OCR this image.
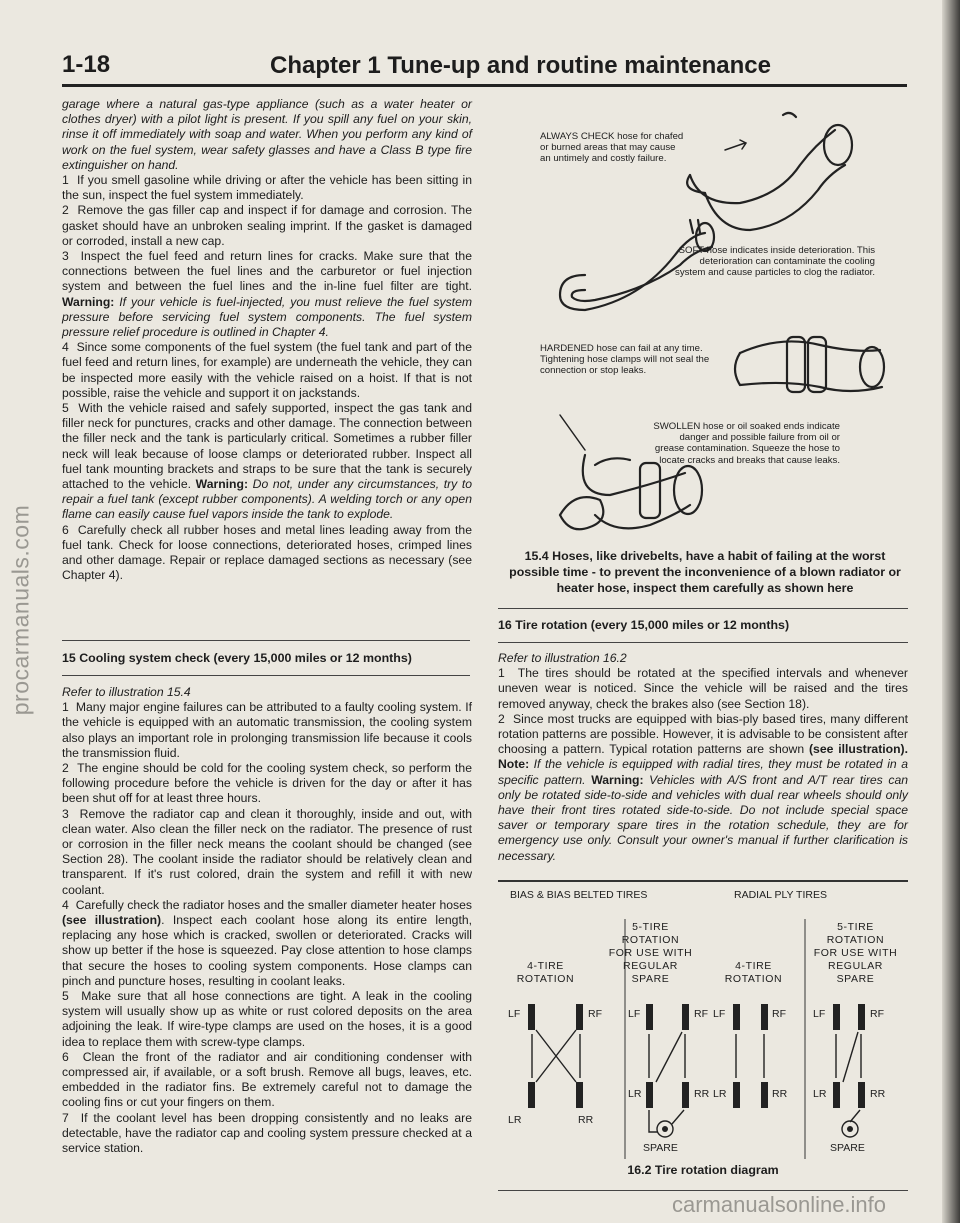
procarmanuals.com
1-18	Chapter 1 Tune-up and routine maintenance

garage where a natural gas-type appliance (such as a water heater or clothes dryer) with a pilot light is present. If you spill any fuel on your skin, rinse it off immediately with soap and water. When you perform any kind of work on the fuel system, wear safety glasses and have a Class B type fire extinguisher on hand.

1 If you smell gasoline while driving or after the vehicle has been sitting in the sun, inspect the fuel system immediately.

2 Remove the gas filler cap and inspect if for damage and corrosion. The gasket should have an unbroken sealing imprint. If the gasket is damaged or corroded, install a new cap.

3 Inspect the fuel feed and return lines for cracks. Make sure that the connections between the fuel lines and the carburetor or fuel injection system and between the fuel lines and the in-line fuel filter are tight. Warning: If your vehicle is fuel-injected, you must relieve the fuel system pressure before servicing fuel system components. The fuel system pressure relief procedure is outlined in Chapter 4.

4 Since some components of the fuel system (the fuel tank and part of the fuel feed and return lines, for example) are underneath the vehicle, they can be inspected more easily with the vehicle raised on a hoist. If that is not possible, raise the vehicle and support it on jackstands.

5 With the vehicle raised and safely supported, inspect the gas tank and filler neck for punctures, cracks and other damage. The connection between the filler neck and the tank is particularly critical. Sometimes a rubber filler neck will leak because of loose clamps or deteriorated rubber. Inspect all fuel tank mounting brackets and straps to be sure that the tank is securely attached to the vehicle. Warning: Do not, under any circumstances, try to repair a fuel tank (except rubber components). A welding torch or any open flame can easily cause fuel vapors inside the tank to explode.

6 Carefully check all rubber hoses and metal lines leading away from the fuel tank. Check for loose connections, deteriorated hoses, crimped lines and other damage. Repair or replace damaged sections as necessary (see Chapter 4).

15 Cooling system check (every 15,000 miles or 12 months)

Refer to illustration 15.4

1 Many major engine failures can be attributed to a faulty cooling system. If the vehicle is equipped with an automatic transmission, the cooling system also plays an important role in prolonging transmission life because it cools the transmission fluid.

2 The engine should be cold for the cooling system check, so perform the following procedure before the vehicle is driven for the day or after it has been shut off for at least three hours.

3 Remove the radiator cap and clean it thoroughly, inside and out, with clean water. Also clean the filler neck on the radiator. The presence of rust or corrosion in the filler neck means the coolant should be changed (see Section 28). The coolant inside the radiator should be relatively clean and transparent. If it's rust colored, drain the system and refill it with new coolant.

4 Carefully check the radiator hoses and the smaller diameter heater hoses (see illustration). Inspect each coolant hose along its entire length, replacing any hose which is cracked, swollen or deteriorated. Cracks will show up better if the hose is squeezed. Pay close attention to hose clamps that secure the hoses to cooling system components. Hose clamps can pinch and puncture hoses, resulting in coolant leaks.

5 Make sure that all hose connections are tight. A leak in the cooling system will usually show up as white or rust colored deposits on the area adjoining the leak. If wire-type clamps are used on the hoses, it is a good idea to replace them with screw-type clamps.

6 Clean the front of the radiator and air conditioning condenser with compressed air, if available, or a soft brush. Remove all bugs, leaves, etc. embedded in the radiator fins. Be extremely careful not to damage the cooling fins or cut your fingers on them.

7 If the coolant level has been dropping consistently and no leaks are detectable, have the radiator cap and cooling system pressure checked at a service station.

ALWAYS CHECK hose for chafed or burned areas that may cause an untimely and costly failure.
SOFT hose indicates inside deterioration. This deterioration can contaminate the cooling system and cause particles to clog the radiator.
HARDENED hose can fail at any time. Tightening hose clamps will not seal the connection or stop leaks.
SWOLLEN hose or oil soaked ends indicate danger and possible failure from oil or grease contamination. Squeeze the hose to locate cracks and breaks that cause leaks.
15.4 Hoses, like drivebelts, have a habit of failing at the worst possible time - to prevent the inconvenience of a blown radiator or heater hose, inspect them carefully as shown here
16 Tire rotation (every 15,000 miles or 12 months)

Refer to illustration 16.2

1 The tires should be rotated at the specified intervals and whenever uneven wear is noticed. Since the vehicle will be raised and the tires removed anyway, check the brakes also (see Section 18).

2 Since most trucks are equipped with bias-ply based tires, many different rotation patterns are possible. However, it is advisable to be consistent after choosing a pattern. Typical rotation patterns are shown (see illustration). Note: If the vehicle is equipped with radial tires, they must be rotated in a specific pattern. Warning: Vehicles with A/S front and A/T rear tires can only be rotated side-to-side and vehicles with dual rear wheels should only have their front tires rotated side-to-side. Do not include special space saver or temporary spare tires in the rotation schedule, they are for emergency use only. Consult your owner's manual if further clarification is necessary.

BIAS & BIAS BELTED TIRES	RADIAL PLY TIRES
4-TIRE
ROTATION
5-TIRE
ROTATION
FOR USE WITH
REGULAR
SPARE
4-TIRE
ROTATION
5-TIRE
ROTATION
FOR USE WITH
REGULAR
SPARE
LF	RF
LR	RR
LF	RF
LR	RR
SPARE
LF	RF
LR	RR
LF	RF
LR	RR
SPARE
16.2 Tire rotation diagram
carmanualsonline.info
